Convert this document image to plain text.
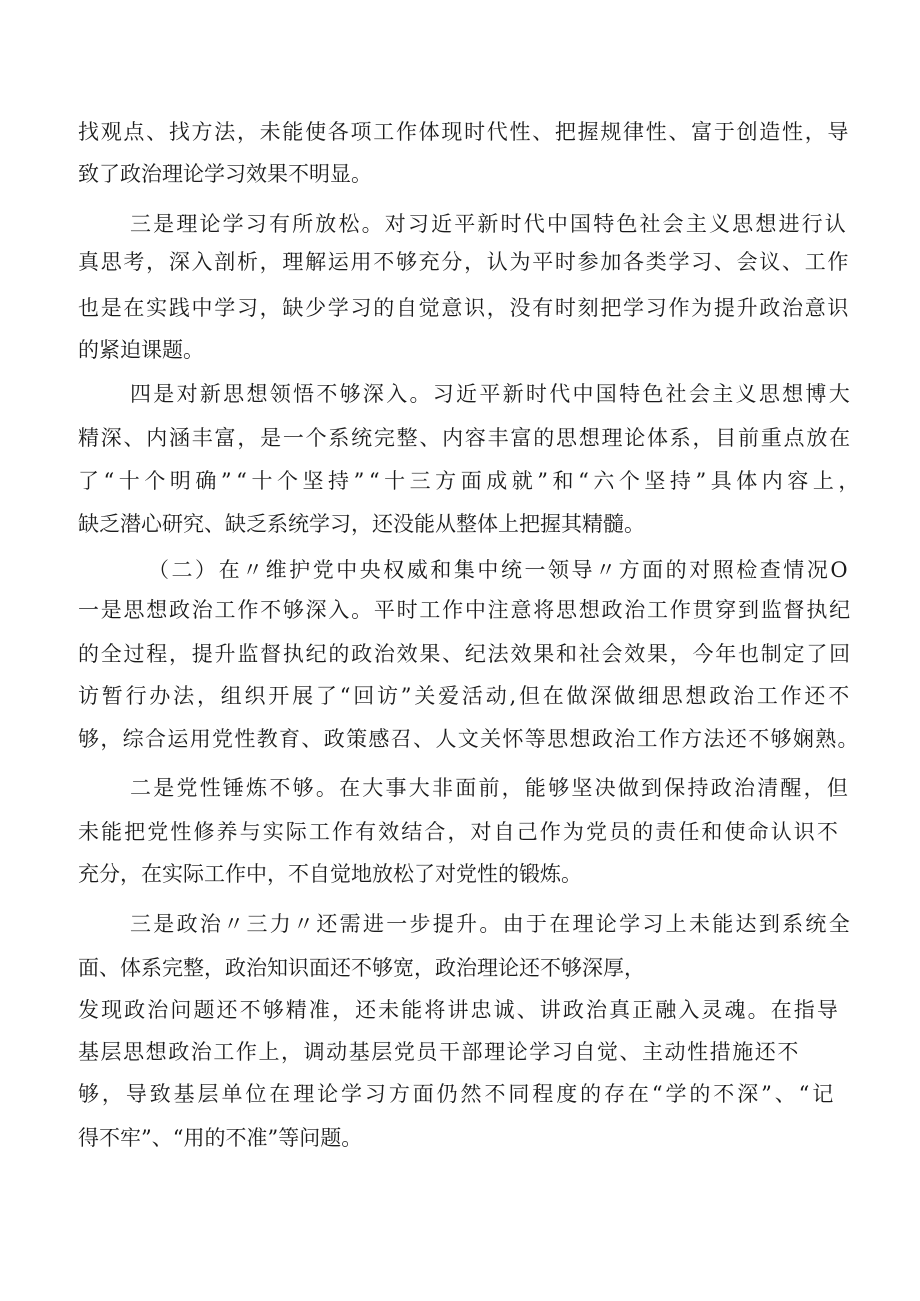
找观点、找方法，未能使各项工作体现时代性、把握规律性、富于创造性，导
致了政治理论学习效果不明显。
三是理论学习有所放松。对习近平新时代中国特色社会主义思想进行认
真思考，深入剖析，理解运用不够充分，认为平时参加各类学习、会议、工作
也是在实践中学习，缺少学习的自觉意识，没有时刻把学习作为提升政治意识
的紧迫课题。
四是对新思想领悟不够深入。习近平新时代中国特色社会主义思想博大
精深、内涵丰富，是一个系统完整、内容丰富的思想理论体系，目前重点放在
了“十个明确”“十个坚持”“十三方面成就”和“六个坚持”具体内容上，
缺乏潜心研究、缺乏系统学习，还没能从整体上把握其精髓。
（二）在〃维护党中央权威和集中统一领导〃方面的对照检查情况O
一是思想政治工作不够深入。平时工作中注意将思想政治工作贯穿到监督执纪
的全过程，提升监督执纪的政治效果、纪法效果和社会效果，今年也制定了回
访暂行办法，组织开展了“回访”关爱活动,但在做深做细思想政治工作还不
够，综合运用党性教育、政策感召、人文关怀等思想政治工作方法还不够娴熟。
二是党性锤炼不够。在大事大非面前，能够坚决做到保持政治清醒，但
未能把党性修养与实际工作有效结合，对自己作为党员的责任和使命认识不
充分，在实际工作中，不自觉地放松了对党性的锻炼。
三是政治〃三力〃还需进一步提升。由于在理论学习上未能达到系统全
面、体系完整，政治知识面还不够宽，政治理论还不够深厚，
发现政治问题还不够精准，还未能将讲忠诚、讲政治真正融入灵魂。在指导
基层思想政治工作上，调动基层党员干部理论学习自觉、主动性措施还不
够，导致基层单位在理论学习方面仍然不同程度的存在“学的不深”、“记
得不牢”、“用的不准”等问题。
